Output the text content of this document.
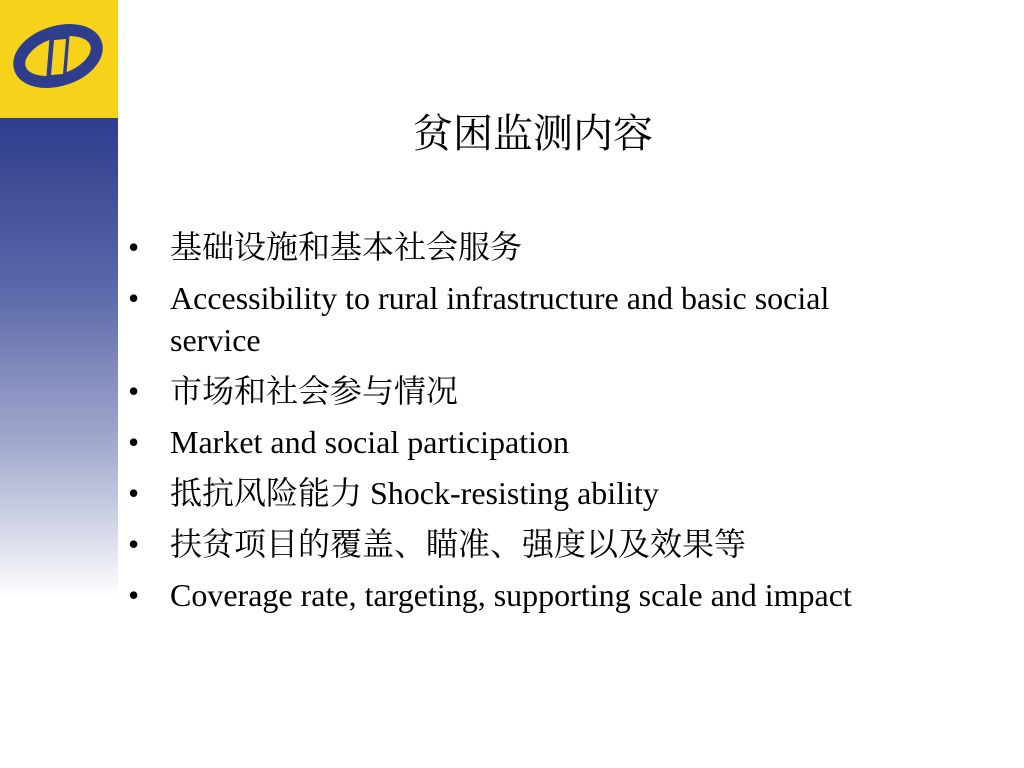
贫困监测内容
• 基础设施和基本社会服务
• Accessibility to rural infrastructure and basic social service
• 市场和社会参与情况
• Market and social participation
• 抵抗风险能力 Shock-resisting ability
• 扶贫项目的覆盖、瞄准、强度以及效果等
• Coverage rate, targeting, supporting scale and impact
